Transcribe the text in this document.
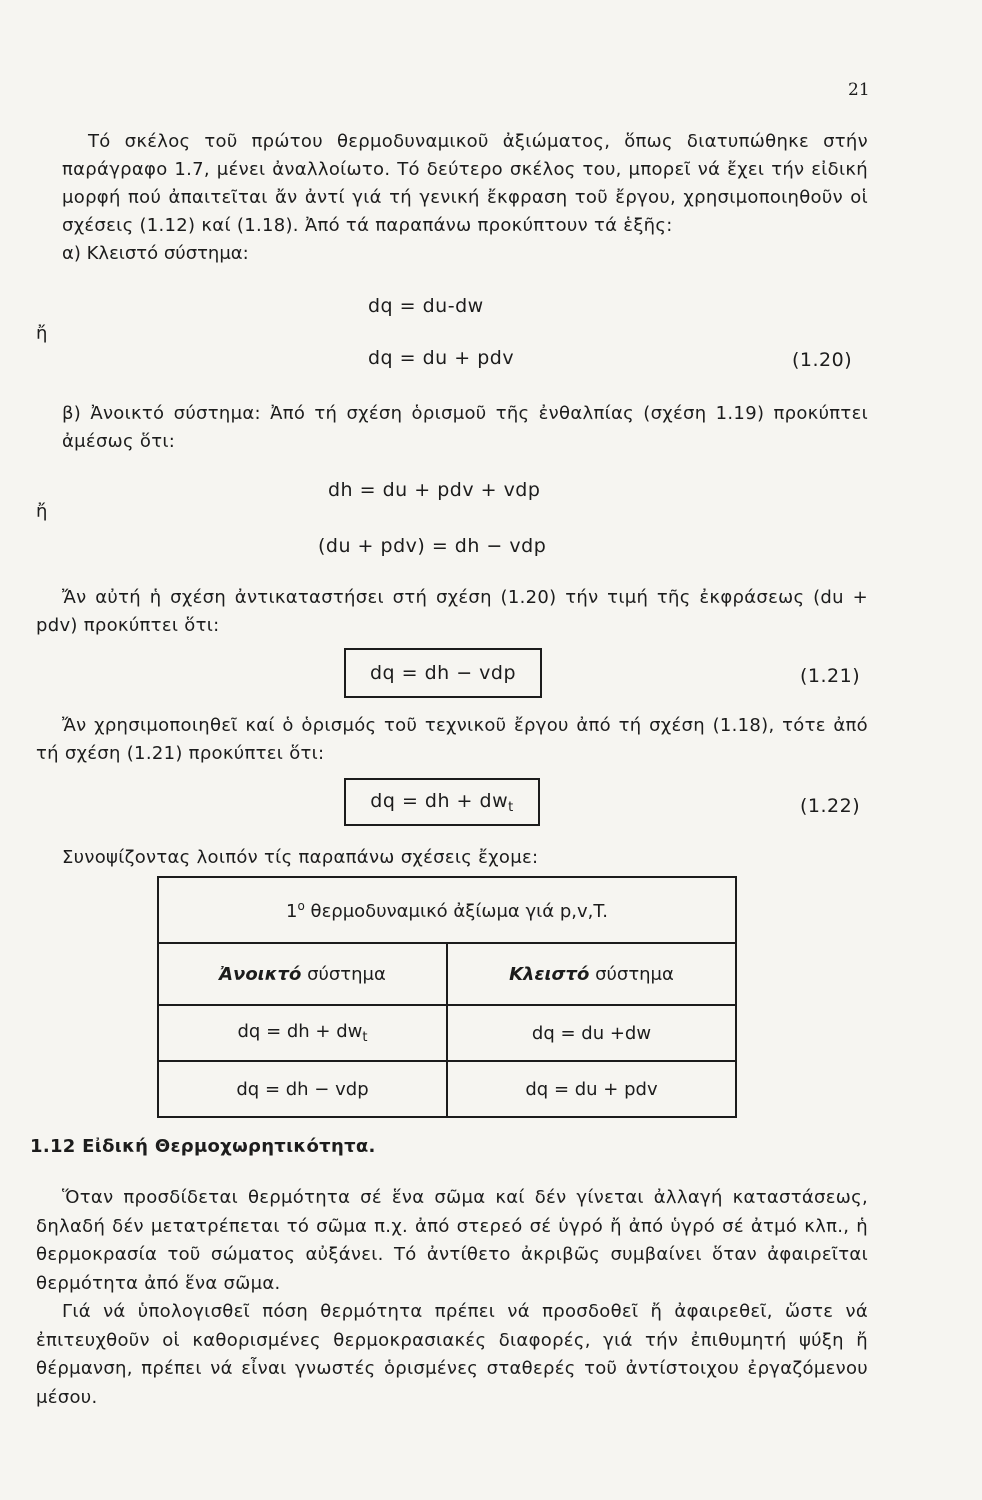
21

Τό σκέλος τοῦ πρώτου θερμοδυναμικοῦ ἀξιώματος, ὅπως διατυπώθηκε στήν παράγραφο 1.7, μένει ἀναλλοίωτο. Τό δεύτερο σκέλος του, μπορεῖ νά ἔχει τήν εἰδική μορφή πού ἀπαιτεῖται ἄν ἀντί γιά τή γενική ἔκφραση τοῦ ἔργου, χρησιμοποιηθοῦν οἱ σχέσεις (1.12) καί (1.18). Ἀπό τά παραπάνω προκύπτουν τά ἑξῆς:

α) Κλειστό σύστημα:
dq = du-dw
ἤ
dq = du + pdv	(1.20)

β) Ἀνοικτό σύστημα: Ἀπό τή σχέση ὁρισμοῦ τῆς ἐνθαλπίας (σχέση 1.19) προκύπτει ἀμέσως ὅτι:

dh = du + pdv + vdp
ἤ
(du + pdv) = dh − vdp

Ἄν αὐτή ἡ σχέση ἀντικαταστήσει στή σχέση (1.20) τήν τιμή τῆς ἐκφράσεως (du + pdv) προκύπτει ὅτι:

dq = dh − vdp	(1.21)

Ἄν χρησιμοποιηθεῖ καί ὁ ὁρισμός τοῦ τεχνικοῦ ἔργου ἀπό τή σχέση (1.18), τότε ἀπό τή σχέση (1.21) προκύπτει ὅτι:

dq = dh + $dw_t$	(1.22)

Συνοψίζοντας λοιπόν τίς παραπάνω σχέσεις ἔχομε:

$1^o$ θερμοδυναμικό ἀξίωμα γιά p,v,T.	
Ἀνοικτό σύστημα	Κλειστό σύστημα
dq = dh + $dw_t$	dq = du +dw
dq = dh − vdp	dq = du + pdv
1.12 Εἰδική Θερμοχωρητικότητα.

Ὅταν προσδίδεται θερμότητα σέ ἕνα σῶμα καί δέν γίνεται ἀλλαγή καταστάσεως, δηλαδή δέν μετατρέπεται τό σῶμα π.χ. ἀπό στερεό σέ ὑγρό ἤ ἀπό ὑγρό σέ ἀτμό κλπ., ἡ θερμοκρασία τοῦ σώματος αὐξάνει. Τό ἀντίθετο ἀκριβῶς συμβαίνει ὅταν ἀφαιρεῖται θερμότητα ἀπό ἕνα σῶμα.

Γιά νά ὑπολογισθεῖ πόση θερμότητα πρέπει νά προσδοθεῖ ἤ ἀφαιρεθεῖ, ὥστε νά ἐπιτευχθοῦν οἱ καθορισμένες θερμοκρασιακές διαφορές, γιά τήν ἐπιθυμητή ψύξη ἤ θέρμανση, πρέπει νά εἶναι γνωστές ὁρισμένες σταθερές τοῦ ἀντίστοιχου ἐργαζόμενου μέσου.
